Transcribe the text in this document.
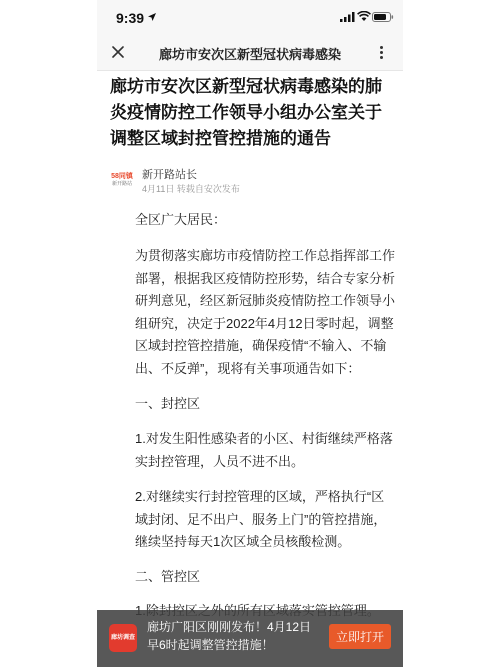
9:39
廊坊市安次区新型冠状病毒感染
廊坊市安次区新型冠状病毒感染的肺炎疫情防控工作领导小组办公室关于调整区域封控管控措施的通告
58同镇
新开路站
新开路站长
4月11日 转载自安次发布

全区广大居民：

为贯彻落实廊坊市疫情防控工作总指挥部工作部署，根据我区疫情防控形势，结合专家分析研判意见，经区新冠肺炎疫情防控工作领导小组研究，决定于2022年4月12日零时起，调整区域封控管控措施，确保疫情“不输入、不输出、不反弹”，现将有关事项通告如下：

一、封控区

1.对发生阳性感染者的小区、村街继续严格落实封控管理，人员不进不出。

2.对继续实行封控管理的区域，严格执行“区域封闭、足不出户、服务上门”的管控措施，继续坚持每天1次区域全员核酸检测。

二、管控区

廊坊调查
廊坊广阳区刚刚发布！4月12日早6时起调整管控措施！
立即打开
